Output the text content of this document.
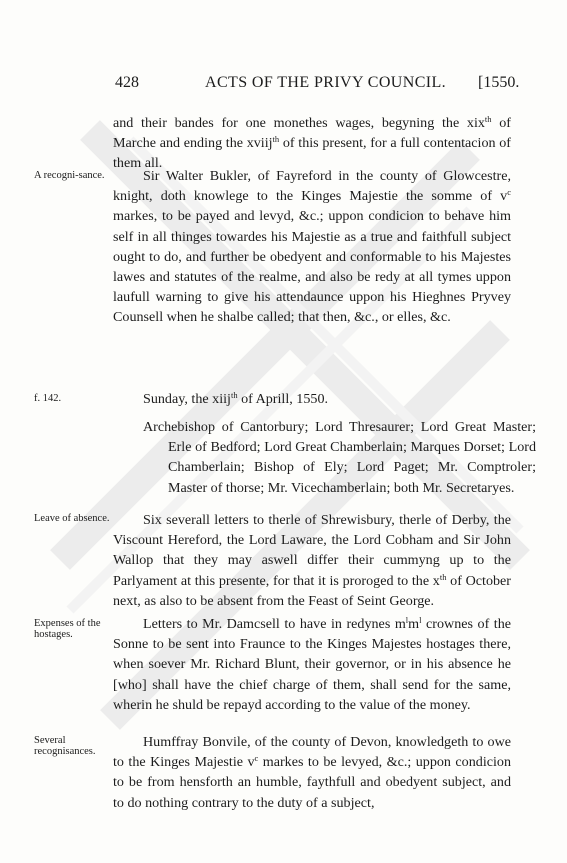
428	ACTS OF THE PRIVY COUNCIL. [1550.
and their bandes for one monethes wages, begyning the xix$^{th}$ of Marche and ending the xviij$^{th}$ of this present, for a full contentacion of them all.
A recogni-sance.	Sir Walter Bukler, of Fayreford in the county of Glowcestre, knight, doth knowlege to the Kinges Majestie the somme of $v^c$ markes, to be payed and levyd, &c.; uppon condicion to behave him self in all thinges towardes his Majestie as a true and faithfull subject ought to do, and further be obedyent and conformable to his Majestes lawes and statutes of the realme, and also be redy at all tymes uppon laufull warning to give his attendaunce uppon his Hieghnes Pryvey Counsell when he shalbe called; that then, &c., or elles, &c.
f. 142.	Sunday, the xiij$^{th}$ of Aprill, 1550.
Archebishop of Cantorbury; Lord Thresaurer; Lord Great Master; Erle of Bedford; Lord Great Chamberlain; Marques Dorset; Lord Chamberlain; Bishop of Ely; Lord Paget; Mr. Comptroler; Master of thorse; Mr. Vicechamberlain; both Mr. Secretaryes.
Leave of absence.	Six severall letters to therle of Shrewisbury, therle of Derby, the Viscount Hereford, the Lord Laware, the Lord Cobham and Sir John Wallop that they may aswell differ their cummyng up to the Parlyament at this presente, for that it is proroged to the $x^{th}$ of October next, as also to be absent from the Feast of Seint George.
Expenses of the hostages.
Letters to Mr. Damcsell to have in redynes $m^lm^l$ crownes of the Sonne to be sent into Fraunce to the Kinges Majestes hostages there, when soever Mr. Richard Blunt, their governor, or in his absence he [who] shall have the chief charge of them, shall send for the same, wherin he shuld be repayd according to the value of the money.
Several recognisances.
Humffray Bonvile, of the county of Devon, knowledgeth to owe to the Kinges Majestie $v^c$ markes to be levyed, &c.; uppon condicion to be from hensforth an humble, faythfull and obedyent subject, and to do nothing contrary to the duty of a subject,
